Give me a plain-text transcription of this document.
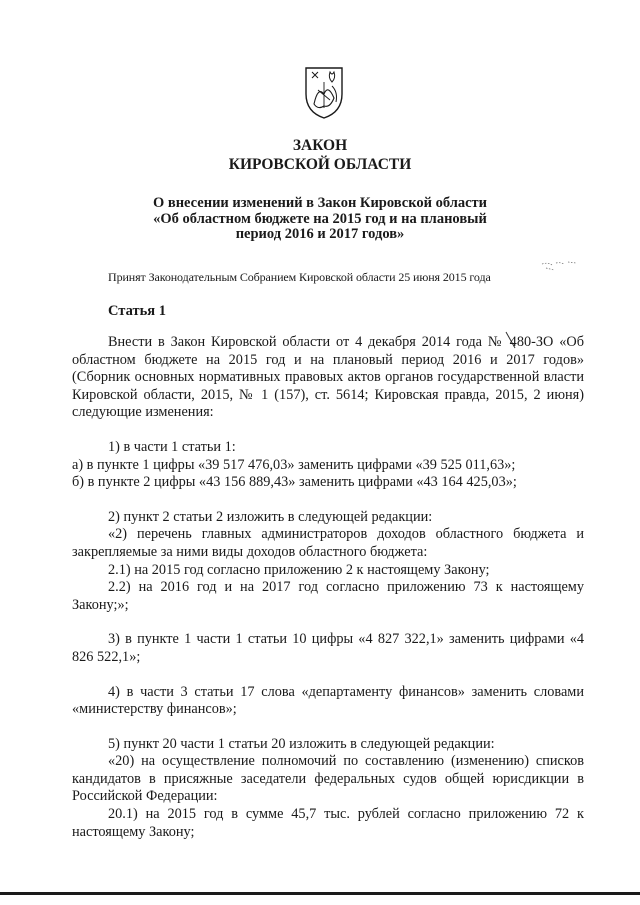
ЗАКОН
КИРОВСКОЙ ОБЛАСТИ
О внесении изменений в Закон Кировской области
«Об областном бюджете на 2015 год и на плановый
период 2016 и 2017 годов»
Принят Законодательным Собранием Кировской области 25 июня 2015 года
Статья 1

Внести в Закон Кировской области от 4 декабря 2014 года № 480-ЗО «Об областном бюджете на 2015 год и на плановый период 2016 и 2017 годов» (Сборник основных нормативных правовых актов органов государственной власти Кировской области, 2015, № 1 (157), ст. 5614; Кировская правда, 2015, 2 июня) следующие изменения:

1) в части 1 статьи 1:

а) в пункте 1 цифры «39 517 476,03» заменить цифрами «39 525 011,63»;

б) в пункте 2 цифры «43 156 889,43» заменить цифрами «43 164 425,03»;

2) пункт 2 статьи 2 изложить в следующей редакции:

«2) перечень главных администраторов доходов областного бюджета и закрепляемые за ними виды доходов областного бюджета:

2.1) на 2015 год согласно приложению 2 к настоящему Закону;

2.2) на 2016 год и на 2017 год согласно приложению 73 к настоящему Закону;»;

3) в пункте 1 части 1 статьи 10 цифры «4 827 322,1» заменить цифрами «4 826 522,1»;

4) в части 3 статьи 17 слова «департаменту финансов» заменить словами «министерству финансов»;

5) пункт 20 части 1 статьи 20 изложить в следующей редакции:

«20) на осуществление полномочий по составлению (изменению) списков кандидатов в присяжные заседатели федеральных судов общей юрисдикции в Российской Федерации:

20.1) на 2015 год в сумме 45,7 тыс. рублей согласно приложению 72 к настоящему Закону;
